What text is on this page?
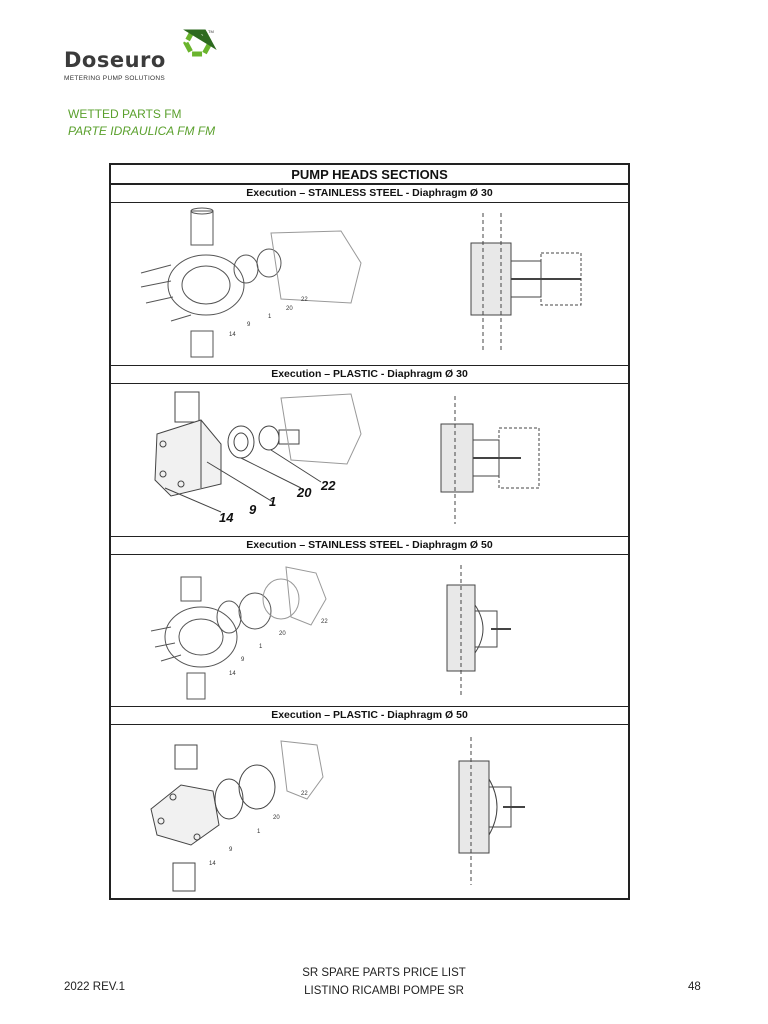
Doseuro
METERING PUMP SOLUTIONS
TM
WETTED PARTS FM
PARTE IDRAULICA FM FM
PUMP HEADS SECTIONS
Execution – STAINLESS STEEL - Diaphragm Ø 30
22
20
1
9
14
Execution – PLASTIC - Diaphragm Ø 30
22
20
1
9
14
Execution – STAINLESS STEEL - Diaphragm Ø 50
22
20
1
9
14
Execution – PLASTIC - Diaphragm Ø 50
22
20
1
9
14
2022 REV.1
SR SPARE PARTS PRICE LIST
LISTINO RICAMBI POMPE SR	48
